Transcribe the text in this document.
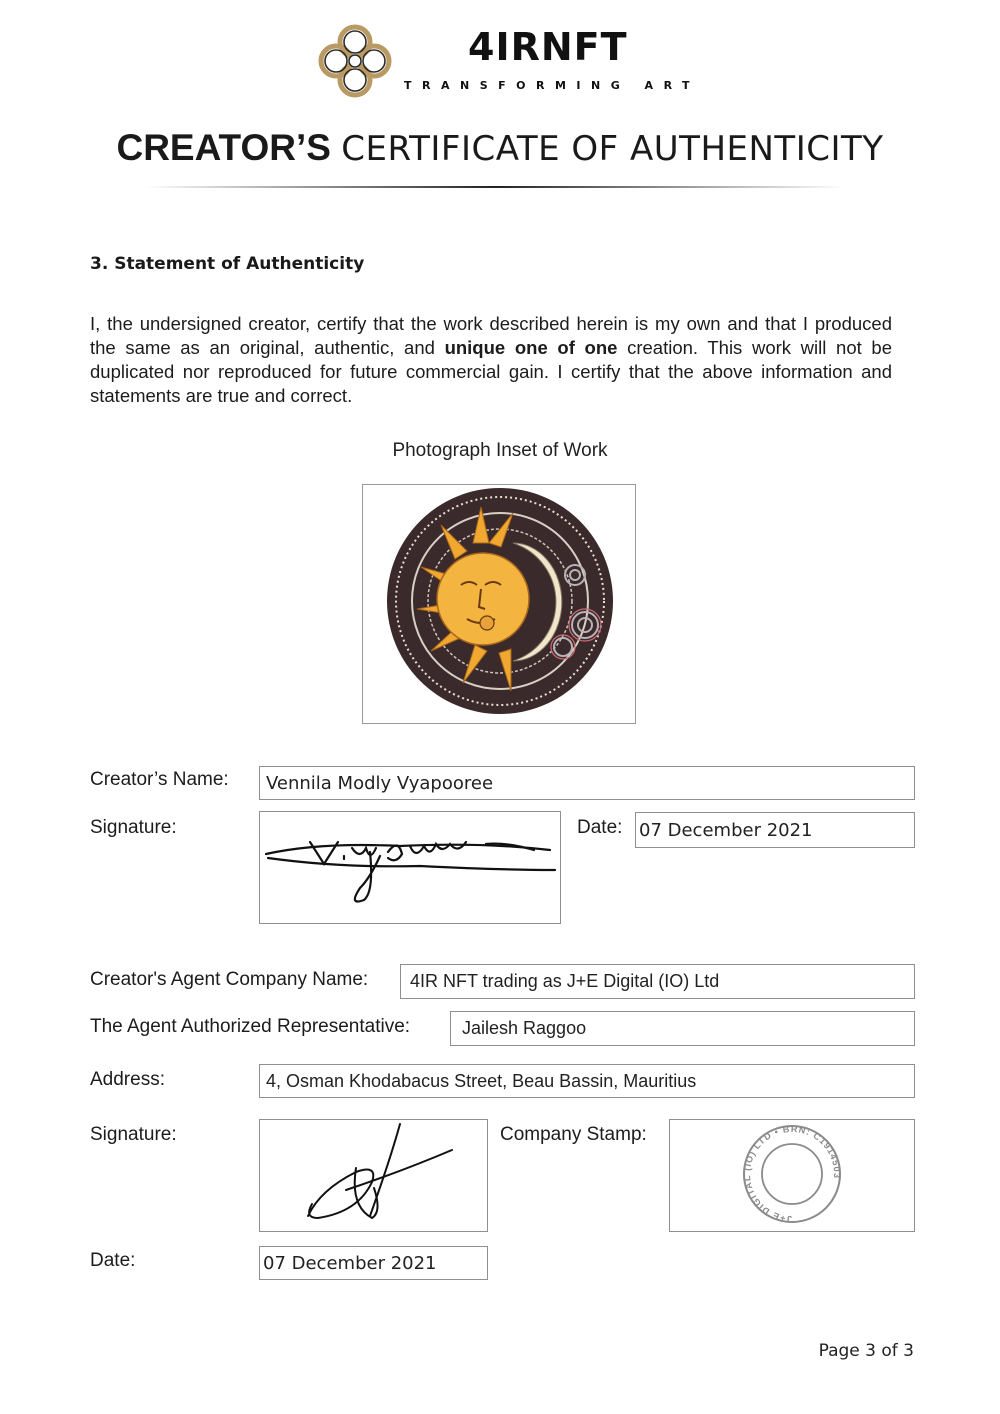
4IRNFT
TRANSFORMING ART
CREATOR’S CERTIFICATE OF AUTHENTICITY
3. Statement of Authenticity
I, the undersigned creator, certify that the work described herein is my own and that I produced the same as an original, authentic, and unique one of one creation. This work will not be duplicated nor reproduced for future commercial gain. I certify that the above information and statements are true and correct.
Photograph Inset of Work
Creator’s Name:	Vennila Modly Vyapooree
Signature:	Date: 07 December 2021
Creator's Agent Company Name:	4IR NFT trading as J+E Digital (IO) Ltd
The Agent Authorized Representative:	Jailesh Raggoo
Address:	4, Osman Khodabacus Street, Beau Bassin, Mauritius
Signature:	Company Stamp:
J+E DIGITAL (IO) LTD • BRN: C1914503
Date:	07 December 2021
Page 3 of 3
